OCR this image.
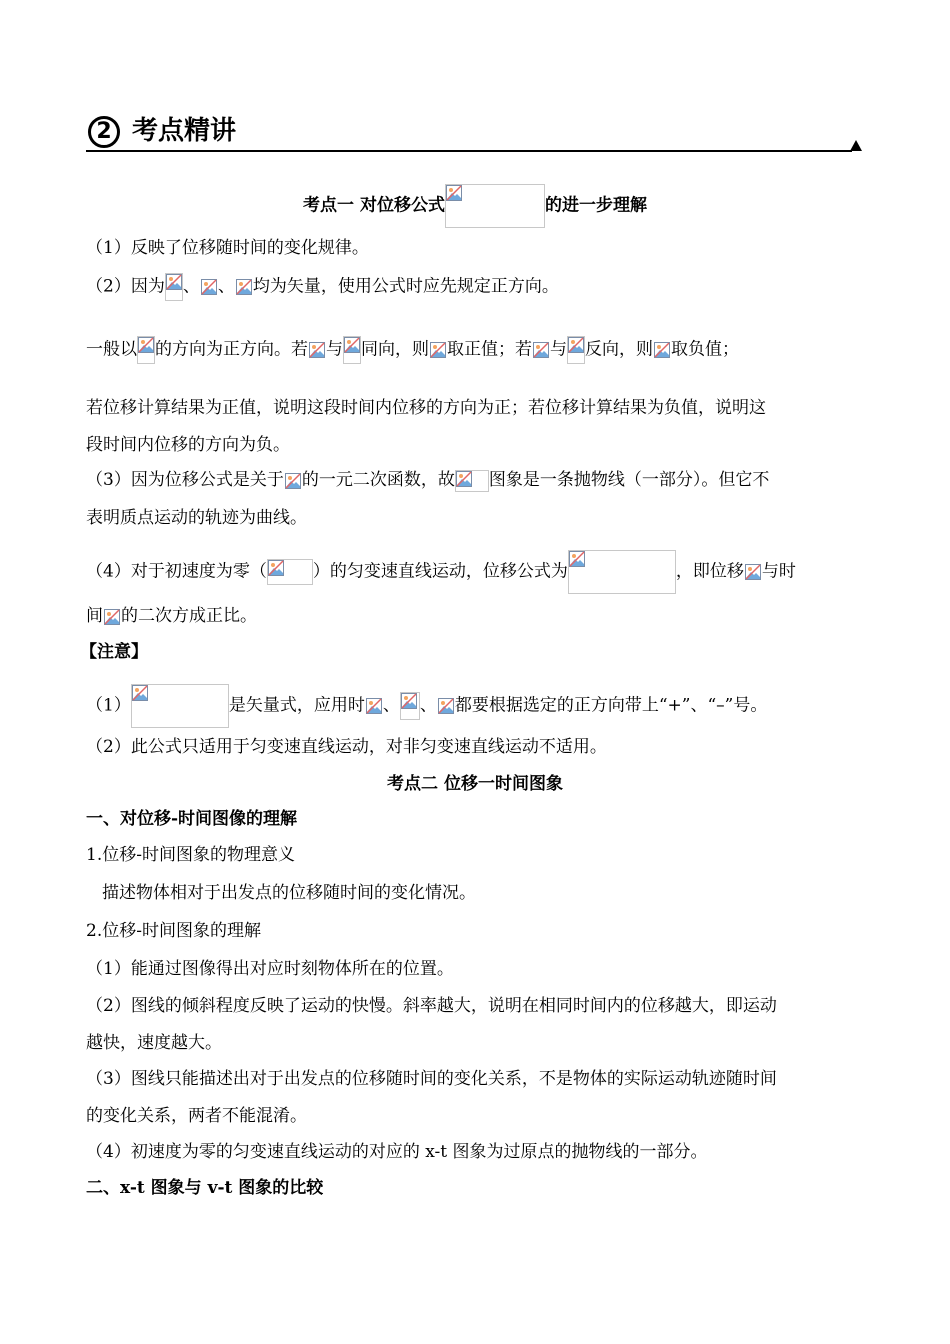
2 考点精讲
考点一 对位移公式	的进一步理解
（1）反映了位移随时间的变化规律。
（2）因为 、 、 均为矢量，使用公式时应先规定正方向。
一般以 的方向为正方向。若 与 同向，则 取正值；若 与 反向，则 取负值；
若位移计算结果为正值，说明这段时间内位移的方向为正；若位移计算结果为负值，说明这
段时间内位移的方向为负。
（3）因为位移公式是关于 的一元二次函数，故 图象是一条抛物线（一部分）。但它不
表明质点运动的轨迹为曲线。
（4）对于初速度为零（	）的匀变速直线运动，位移公式为	，即位移 与时
间 的二次方成正比。
【注意】
（1）	是矢量式，应用时 、 、 都要根据选定的正方向带上“+”、“–”号。
（2）此公式只适用于匀变速直线运动，对非匀变速直线运动不适用。
考点二 位移一时间图象
一、对位移-时间图像的理解
1.位移-时间图象的物理意义
描述物体相对于出发点的位移随时间的变化情况。
2.位移-时间图象的理解
（1）能通过图像得出对应时刻物体所在的位置。
（2）图线的倾斜程度反映了运动的快慢。斜率越大，说明在相同时间内的位移越大，即运动
越快，速度越大。
（3）图线只能描述出对于出发点的位移随时间的变化关系，不是物体的实际运动轨迹随时间
的变化关系，两者不能混淆。
（4）初速度为零的匀变速直线运动的对应的 x-t 图象为过原点的抛物线的一部分。
二、x-t 图象与 v-t 图象的比较
